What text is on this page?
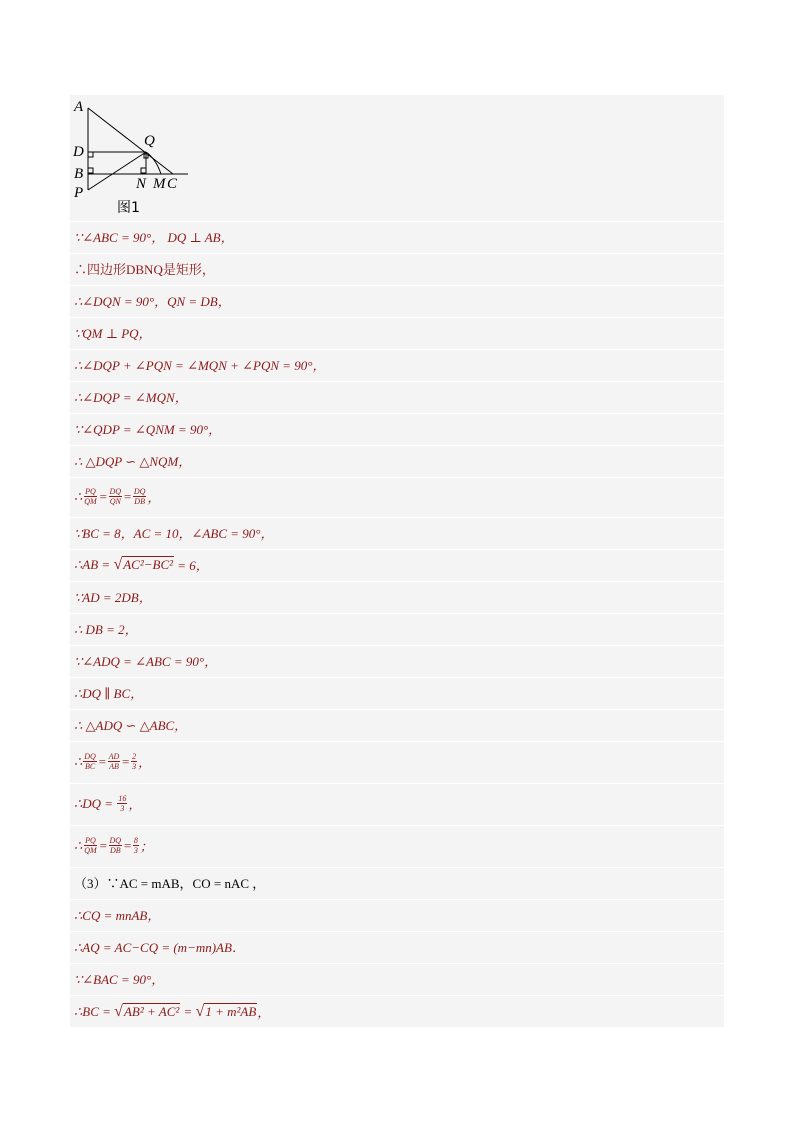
A
D
B
P
Q
N M C
图1
∵∠ABC = 90°，
DQ ⊥ AB，
∴四边形DBNQ是矩形，
∴∠DQN = 90°，QN = DB，
∵QM ⊥ PQ，
∴∠DQP + ∠PQN = ∠MQN + ∠PQN = 90°，
∴∠DQP = ∠MQN，
∵∠QDP = ∠QNM = 90°，
∴ △DQP ∽ △NQM，
∴ $\frac{PQ}{QM} = \frac{DQ}{QN} = \frac{DQ}{DB}$ ，
∵BC = 8，AC = 10，∠ABC = 90°，
∴AB =
√ AC²−BC²
= 6，
∵AD = 2DB，
∴ DB = 2，
∵∠ADQ = ∠ABC = 90°，
∴DQ ∥ BC，
∴ △ADQ ∽ △ABC，
∴ $\frac{DQ}{BC} = \frac{AD}{AB} = \frac{2}{3}$ ，
∴DQ =
$\frac{16}{3}$ ，
∴ $\frac{PQ}{QM} = \frac{DQ}{DB} = \frac{8}{3}$ ；
（3）∵AC = mAB，CO = nAC ，
∴CQ = mnAB，
∴AQ = AC−CQ = (m−mn)AB．
∵∠BAC = 90°，
∴BC =
√ AB² + AC²
=
√ 1 + m²AB ，
